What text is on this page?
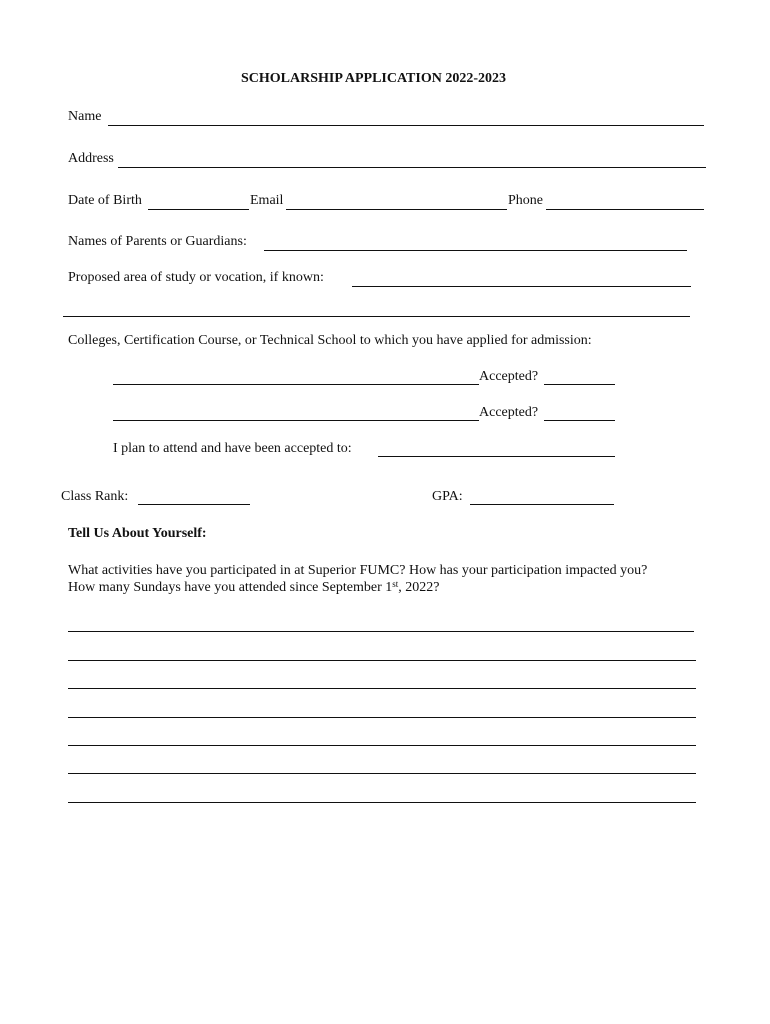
SCHOLARSHIP APPLICATION 2022-2023
Name
Address
Date of Birth	Email	Phone
Names of Parents or Guardians:
Proposed area of study or vocation, if known:
Colleges, Certification Course, or Technical School to which you have applied for admission:
Accepted?
Accepted?
I plan to attend and have been accepted to:
Class Rank:	GPA:
Tell Us About Yourself:
What activities have you participated in at Superior FUMC? How has your participation impacted you?
How many Sundays have you attended since September 1st, 2022?
